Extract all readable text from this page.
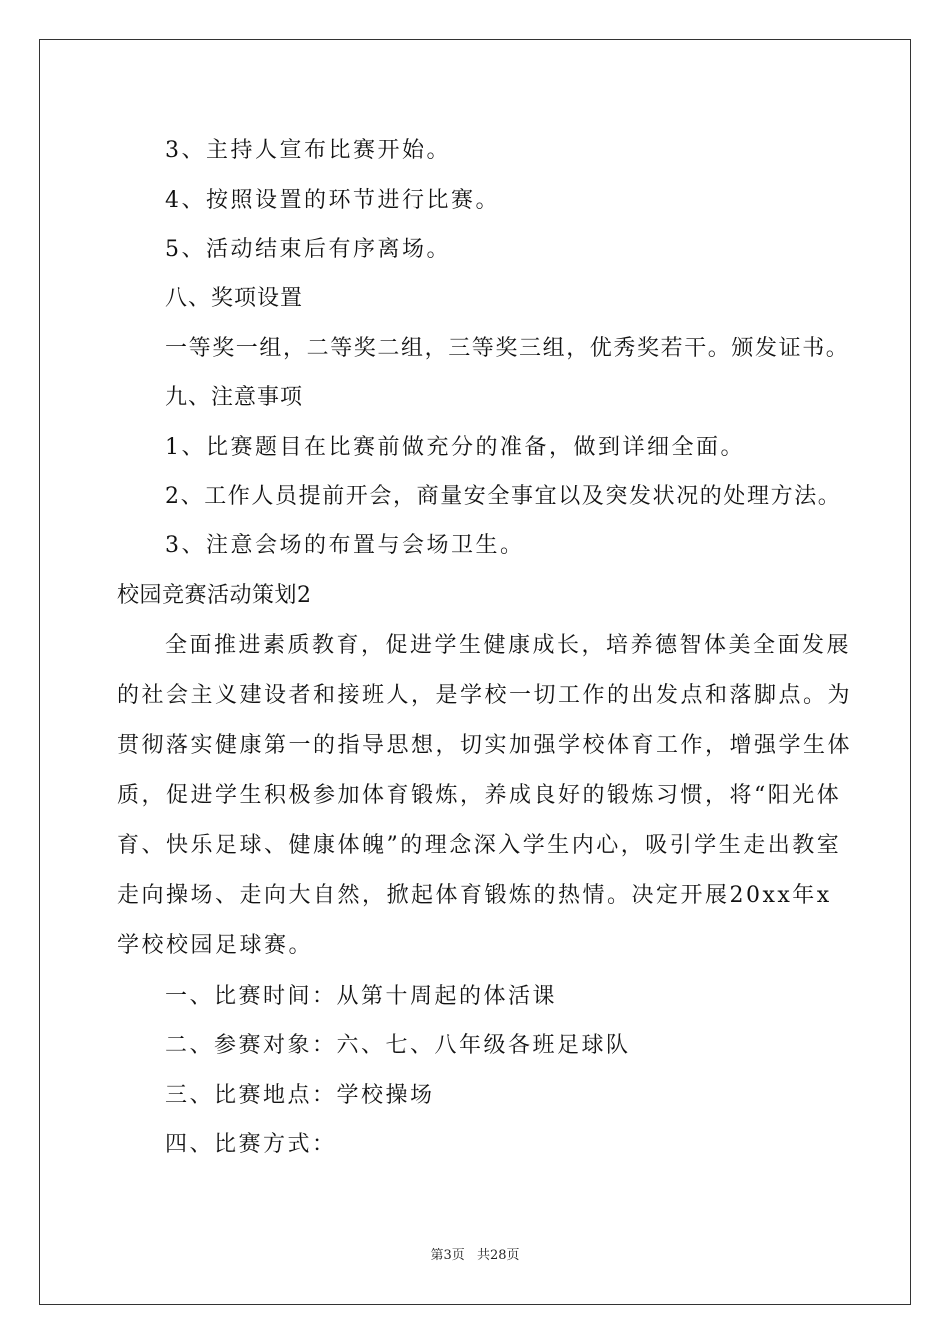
3、主持人宣布比赛开始。
4、按照设置的环节进行比赛。
5、活动结束后有序离场。
八、奖项设置
一等奖一组，二等奖二组，三等奖三组，优秀奖若干。颁发证书。
九、注意事项
1、比赛题目在比赛前做充分的准备，做到详细全面。
2、工作人员提前开会，商量安全事宜以及突发状况的处理方法。
3、注意会场的布置与会场卫生。
校园竞赛活动策划2
全面推进素质教育，促进学生健康成长，培养德智体美全面发展
的社会主义建设者和接班人，是学校一切工作的出发点和落脚点。为
贯彻落实健康第一的指导思想，切实加强学校体育工作，增强学生体
质，促进学生积极参加体育锻炼，养成良好的锻炼习惯，将“阳光体
育、快乐足球、健康体魄”的理念深入学生内心，吸引学生走出教室
走向操场、走向大自然，掀起体育锻炼的热情。决定开展20xx年x
学校校园足球赛。
一、比赛时间：从第十周起的体活课
二、参赛对象：六、七、八年级各班足球队
三、比赛地点：学校操场
四、比赛方式：
第3页 共28页
